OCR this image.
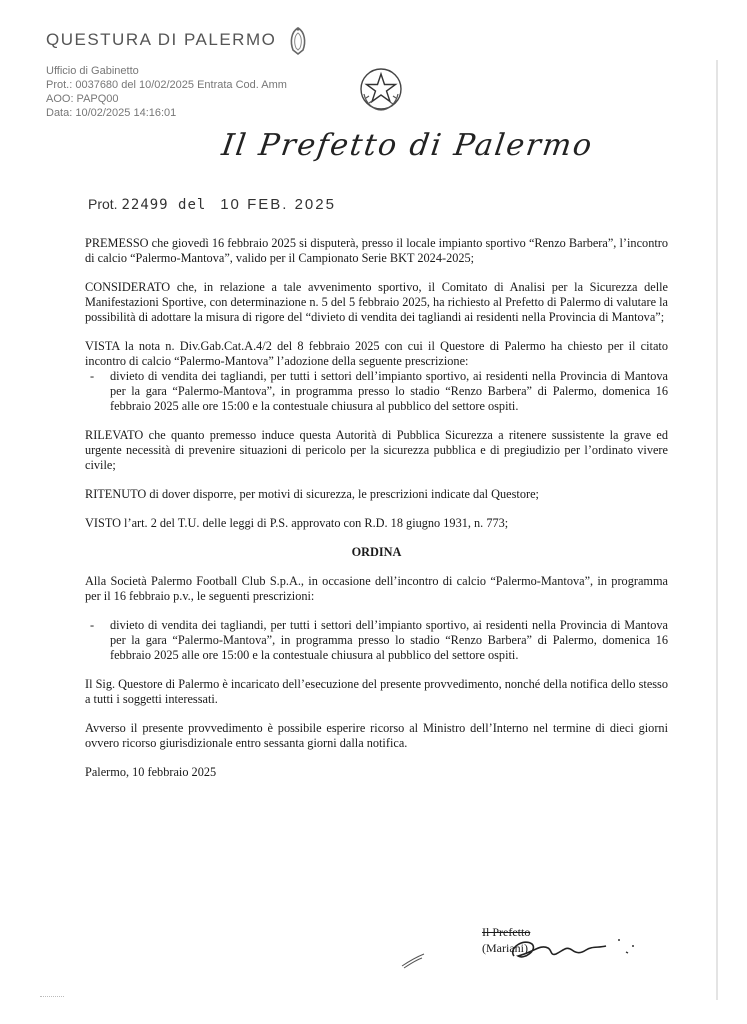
QUESTURA DI PALERMO
Ufficio di Gabinetto
Prot.: 0037680 del 10/02/2025 Entrata Cod. Amm
AOO: PAPQ00
Data: 10/02/2025 14:16:01
Il Prefetto di Palermo
Prot. 22499 del 10 FEB. 2025

PREMESSO che giovedì 16 febbraio 2025 si disputerà, presso il locale impianto sportivo “Renzo Barbera”, l’incontro di calcio “Palermo-Mantova”, valido per il Campionato Serie BKT 2024-2025;

CONSIDERATO che, in relazione a tale avvenimento sportivo, il Comitato di Analisi per la Sicurezza delle Manifestazioni Sportive, con determinazione n. 5 del 5 febbraio 2025, ha richiesto al Prefetto di Palermo di valutare la possibilità di adottare la misura di rigore del “divieto di vendita dei tagliandi ai residenti nella Provincia di Mantova”;

VISTA la nota n. Div.Gab.Cat.A.4/2 del 8 febbraio 2025 con cui il Questore di Palermo ha chiesto per il citato incontro di calcio “Palermo-Mantova” l’adozione della seguente prescrizione:

- divieto di vendita dei tagliandi, per tutti i settori dell’impianto sportivo, ai residenti nella Provincia di Mantova per la gara “Palermo-Mantova”, in programma presso lo stadio “Renzo Barbera” di Palermo, domenica 16 febbraio 2025 alle ore 15:00 e la contestuale chiusura al pubblico del settore ospiti.

RILEVATO che quanto premesso induce questa Autorità di Pubblica Sicurezza a ritenere sussistente la grave ed urgente necessità di prevenire situazioni di pericolo per la sicurezza pubblica e di pregiudizio per l’ordinato vivere civile;

RITENUTO di dover disporre, per motivi di sicurezza, le prescrizioni indicate dal Questore;

VISTO l’art. 2 del T.U. delle leggi di P.S. approvato con R.D. 18 giugno 1931, n. 773;

ORDINA

Alla Società Palermo Football Club S.p.A., in occasione dell’incontro di calcio “Palermo-Mantova”, in programma per il 16 febbraio p.v., le seguenti prescrizioni:

- divieto di vendita dei tagliandi, per tutti i settori dell’impianto sportivo, ai residenti nella Provincia di Mantova per la gara “Palermo-Mantova”, in programma presso lo stadio “Renzo Barbera” di Palermo, domenica 16 febbraio 2025 alle ore 15:00 e la contestuale chiusura al pubblico del settore ospiti.

Il Sig. Questore di Palermo è incaricato dell’esecuzione del presente provvedimento, nonché della notifica dello stesso a tutti i soggetti interessati.

Avverso il presente provvedimento è possibile esperire ricorso al Ministro dell’Interno nel termine di dieci giorni ovvero ricorso giurisdizionale entro sessanta giorni dalla notifica.

Palermo, 10 febbraio 2025

Il Prefetto
(Mariani)
